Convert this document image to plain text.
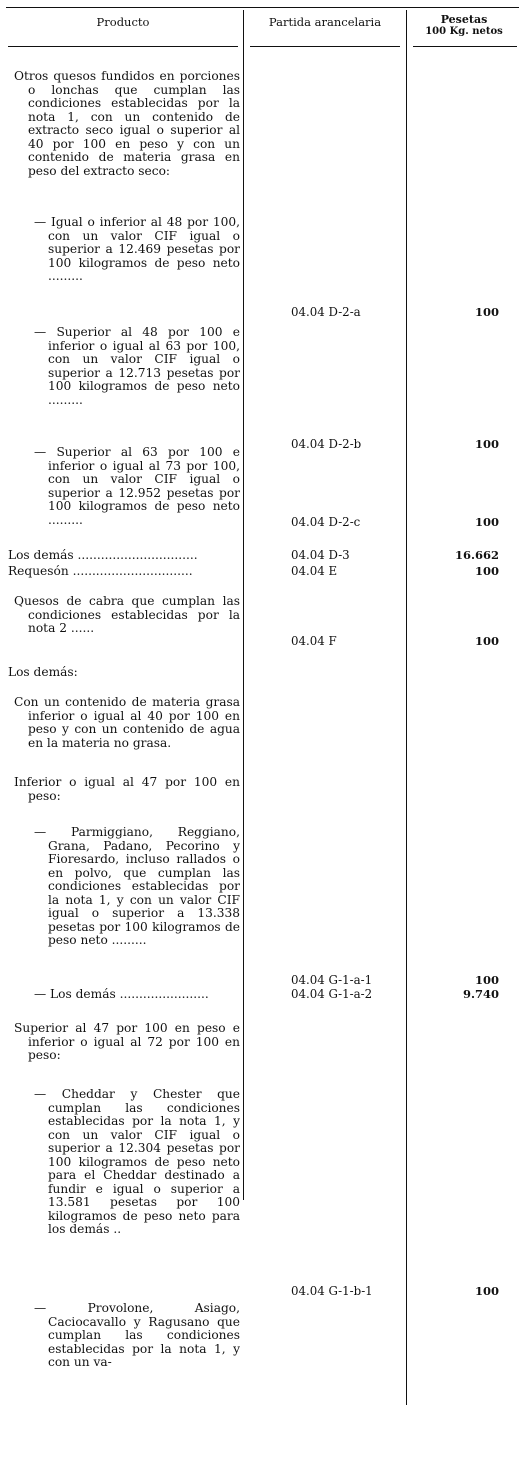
Producto	Partida arancelaria	Pesetas
100 Kg. netos
Otros quesos fundidos en porciones o lonchas que cumplan las condiciones establecidas por la nota 1, con un contenido de extracto seco igual o superior al 40 por 100 en peso y con un contenido de materia grasa en peso del extracto seco:
— Igual o inferior al 48 por 100, con un valor CIF igual o superior a 12.469 pesetas por 100 kilogramos de peso neto .........
04.04 D-2-a	100
— Superior al 48 por 100 e inferior o igual al 63 por 100, con un valor CIF igual o superior a 12.713 pesetas por 100 kilogramos de peso neto .........
04.04 D-2-b	100
— Superior al 63 por 100 e inferior o igual al 73 por 100, con un valor CIF igual o superior a 12.952 pesetas por 100 kilogramos de peso neto .........	04.04 D-2-c	100
Los demás ...............................	04.04 D-3	16.662
Requesón ...............................	04.04 E	100
Quesos de cabra que cumplan las condiciones establecidas por la nota 2 ......
04.04 F	100
Los demás:
Con un contenido de materia grasa inferior o igual al 40 por 100 en peso y con un contenido de agua en la materia no grasa.
Inferior o igual al 47 por 100 en peso:
— Parmiggiano, Reggiano, Grana, Padano, Pecorino y Fioresardo, incluso rallados o en polvo, que cumplan las condiciones establecidas por la nota 1, y con un valor CIF igual o superior a 13.338 pesetas por 100 kilogramos de peso neto .........
04.04 G-1-a-1	100
— Los demás .......................	04.04 G-1-a-2	9.740
Superior al 47 por 100 en peso e inferior o igual al 72 por 100 en peso:
— Cheddar y Chester que cumplan las condiciones establecidas por la nota 1, y con un valor CIF igual o superior a 12.304 pesetas por 100 kilogramos de peso neto para el Cheddar destinado a fundir e igual o superior a 13.581 pesetas por 100 kilogramos de peso neto para los demás ..
04.04 G-1-b-1	100
— Provolone, Asiago, Caciocavallo y Ragusano que cumplan las condiciones establecidas por la nota 1, y con un va-
